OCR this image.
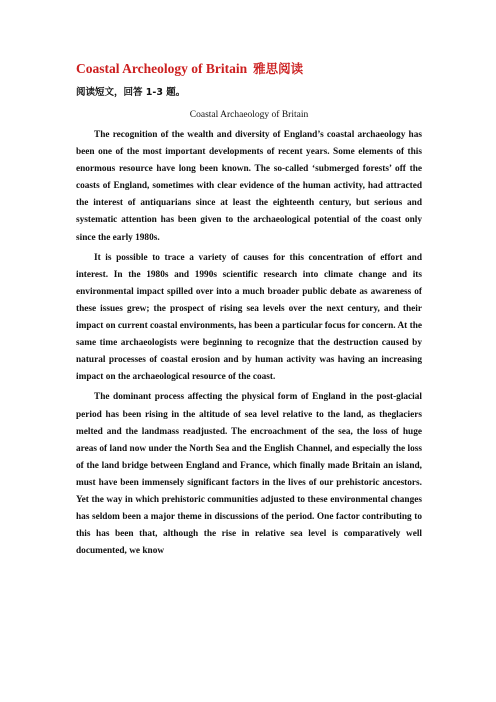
Coastal Archeology of Britain 雅思阅读
阅读短文，回答 1-3 题。
Coastal Archaeology of Britain

The recognition of the wealth and diversity of England’s coastal archaeology has been one of the most important developments of recent years. Some elements of this enormous resource have long been known. The so-called ‘submerged forests’ off the coasts of England, sometimes with clear evidence of the human activity, had attracted the interest of antiquarians since at least the eighteenth century, but serious and systematic attention has been given to the archaeological potential of the coast only since the early 1980s.

It is possible to trace a variety of causes for this concentration of effort and interest. In the 1980s and 1990s scientific research into climate change and its environmental impact spilled over into a much broader public debate as awareness of these issues grew; the prospect of rising sea levels over the next century, and their impact on current coastal environments, has been a particular focus for concern. At the same time archaeologists were beginning to recognize that the destruction caused by natural processes of coastal erosion and by human activity was having an increasing impact on the archaeological resource of the coast.

The dominant process affecting the physical form of England in the post-glacial period has been rising in the altitude of sea level relative to the land, as theglaciers melted and the landmass readjusted. The encroachment of the sea, the loss of huge areas of land now under the North Sea and the English Channel, and especially the loss of the land bridge between England and France, which finally made Britain an island, must have been immensely significant factors in the lives of our prehistoric ancestors. Yet the way in which prehistoric communities adjusted to these environmental changes has seldom been a major theme in discussions of the period. One factor contributing to this has been that, although the rise in relative sea level is comparatively well documented, we know
